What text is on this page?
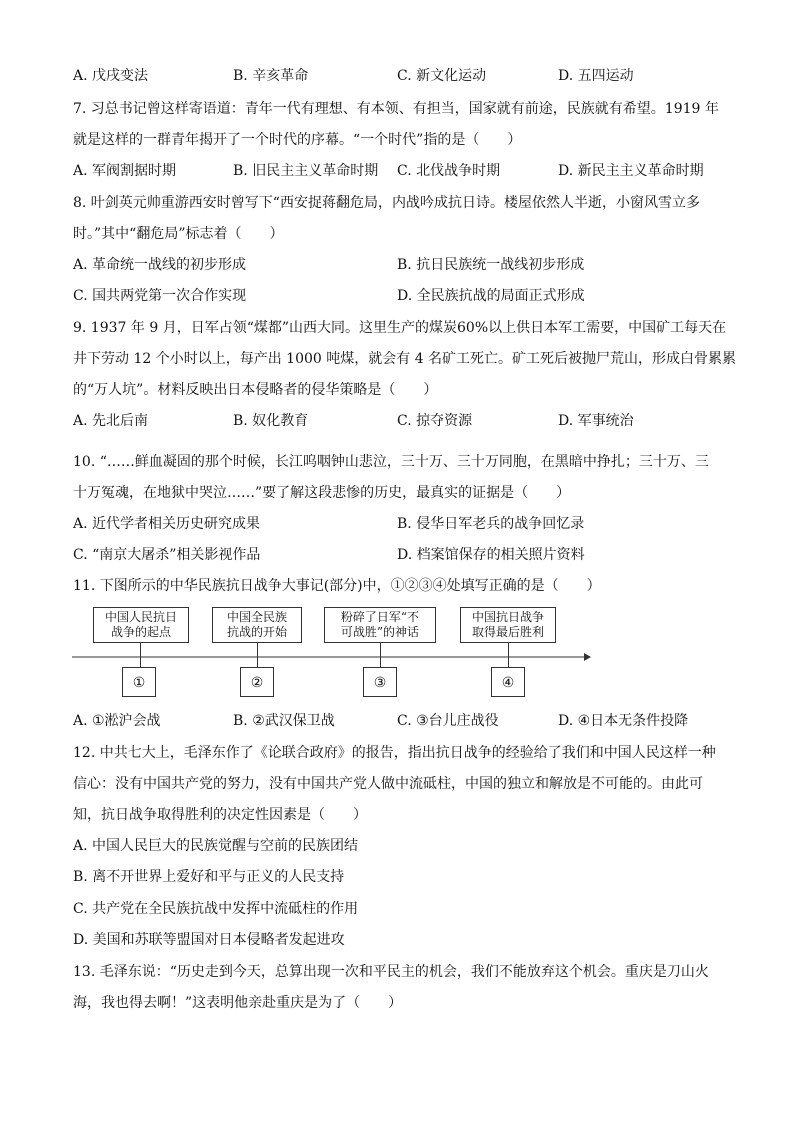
A. 戊戌变法	B. 辛亥革命	C. 新文化运动	D. 五四运动
7. 习总书记曾这样寄语道：青年一代有理想、有本领、有担当，国家就有前途，民族就有希望。1919 年
就是这样的一群青年揭开了一个时代的序幕。“一个时代”指的是（　　）
A. 军阀割据时期	B. 旧民主主义革命时期 C. 北伐战争时期	D. 新民主主义革命时期
8. 叶剑英元帅重游西安时曾写下“西安捉蒋翻危局，内战吟成抗日诗。楼屋依然人半逝，小窗风雪立多
时。”其中“翻危局”标志着（　　）
A. 革命统一战线的初步形成	B. 抗日民族统一战线初步形成
C. 国共两党第一次合作实现	D. 全民族抗战的局面正式形成
9. 1937 年 9 月，日军占领“煤都”山西大同。这里生产的煤炭60%以上供日本军工需要，中国矿工每天在
井下劳动 12 个小时以上，每产出 1000 吨煤，就会有 4 名矿工死亡。矿工死后被抛尸荒山，形成白骨累累
的“万人坑”。材料反映出日本侵略者的侵华策略是（　　）
A. 先北后南	B. 奴化教育	C. 掠夺资源	D. 军事统治
10. “……鲜血凝固的那个时候，长江呜咽钟山悲泣，三十万、三十万同胞，在黑暗中挣扎；三十万、三
十万冤魂，在地狱中哭泣……”要了解这段悲惨的历史，最真实的证据是（　　）
A. 近代学者相关历史研究成果	B. 侵华日军老兵的战争回忆录
C. “南京大屠杀”相关影视作品	D. 档案馆保存的相关照片资料
11. 下图所示的中华民族抗日战争大事记(部分)中，①②③④处填写正确的是（　　）
中国人民抗日
战争的起点
中国全民族
抗战的开始
粉碎了日军“不
可战胜”的神话
中国抗日战争
取得最后胜利
①	②	③	④
A. ①淞沪会战	B. ②武汉保卫战	C. ③台儿庄战役	D. ④日本无条件投降
12. 中共七大上，毛泽东作了《论联合政府》的报告，指出抗日战争的经验给了我们和中国人民这样一种
信心：没有中国共产党的努力，没有中国共产党人做中流砥柱，中国的独立和解放是不可能的。由此可
知，抗日战争取得胜利的决定性因素是（　　）
A. 中国人民巨大的民族觉醒与空前的民族团结
B. 离不开世界上爱好和平与正义的人民支持
C. 共产党在全民族抗战中发挥中流砥柱的作用
D. 美国和苏联等盟国对日本侵略者发起进攻
13. 毛泽东说：“历史走到今天，总算出现一次和平民主的机会，我们不能放弃这个机会。重庆是刀山火
海，我也得去啊！”这表明他亲赴重庆是为了（　　）
